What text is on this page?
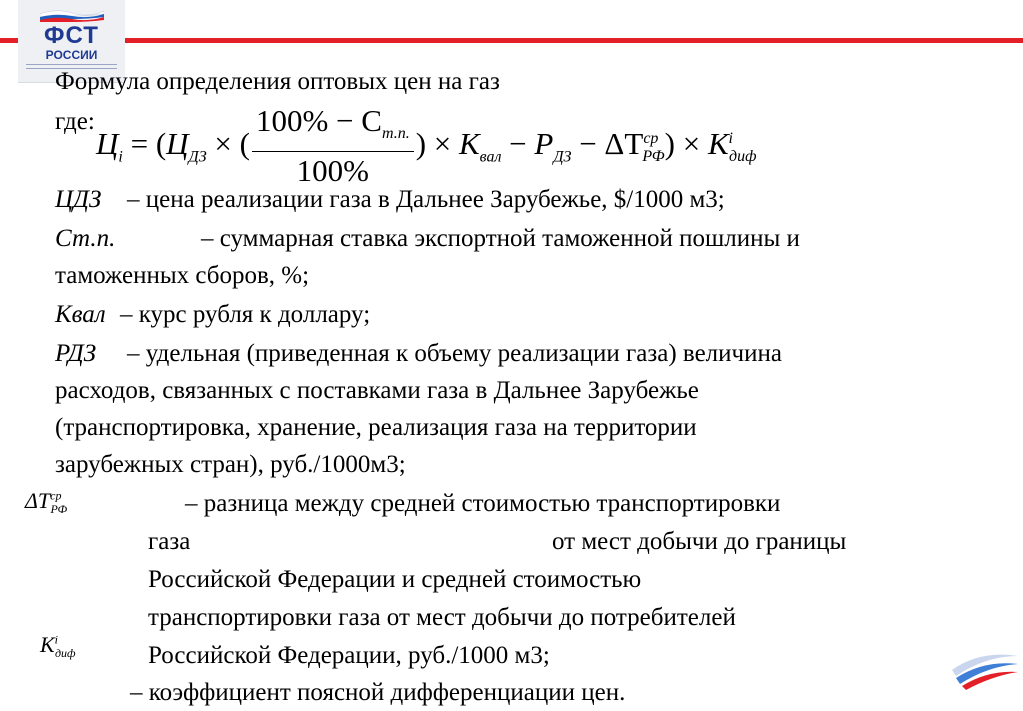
ФСТ
РОССИИ
Формула определения оптовых цен на газ
где:
$Ц_i = (Ц_{ДЗ}$ × ( $\frac{100\% - C_{т.п.}}{100\%}$ ) × $К_{вал} - Р_{ДЗ} - \Delta Т^{ср}_{РФ}) \times К^i_{диф}$
ЦДЗ – цена реализации газа в Дальнее Зарубежье, $/1000 м3;
Ст.п.	– суммарная ставка экспортной таможенной пошлины и
таможенных сборов, %;
Квал – курс рубля к доллару;
РДЗ – удельная (приведенная к объему реализации газа) величина
расходов, связанных с поставками газа в Дальнее Зарубежье
(транспортировка, хранение, реализация газа на территории
зарубежных стран), руб./1000м3;
$\Delta Т^{ср}_{РФ}$	– разница между средней стоимостью транспортировки
газа	от мест добычи до границы
Российской Федерации и средней стоимостью
транспортировки газа от мест добычи до потребителей
Российской Федерации, руб./1000 м3;
$К^i_{диф}$
– коэффициент поясной дифференциации цен.
